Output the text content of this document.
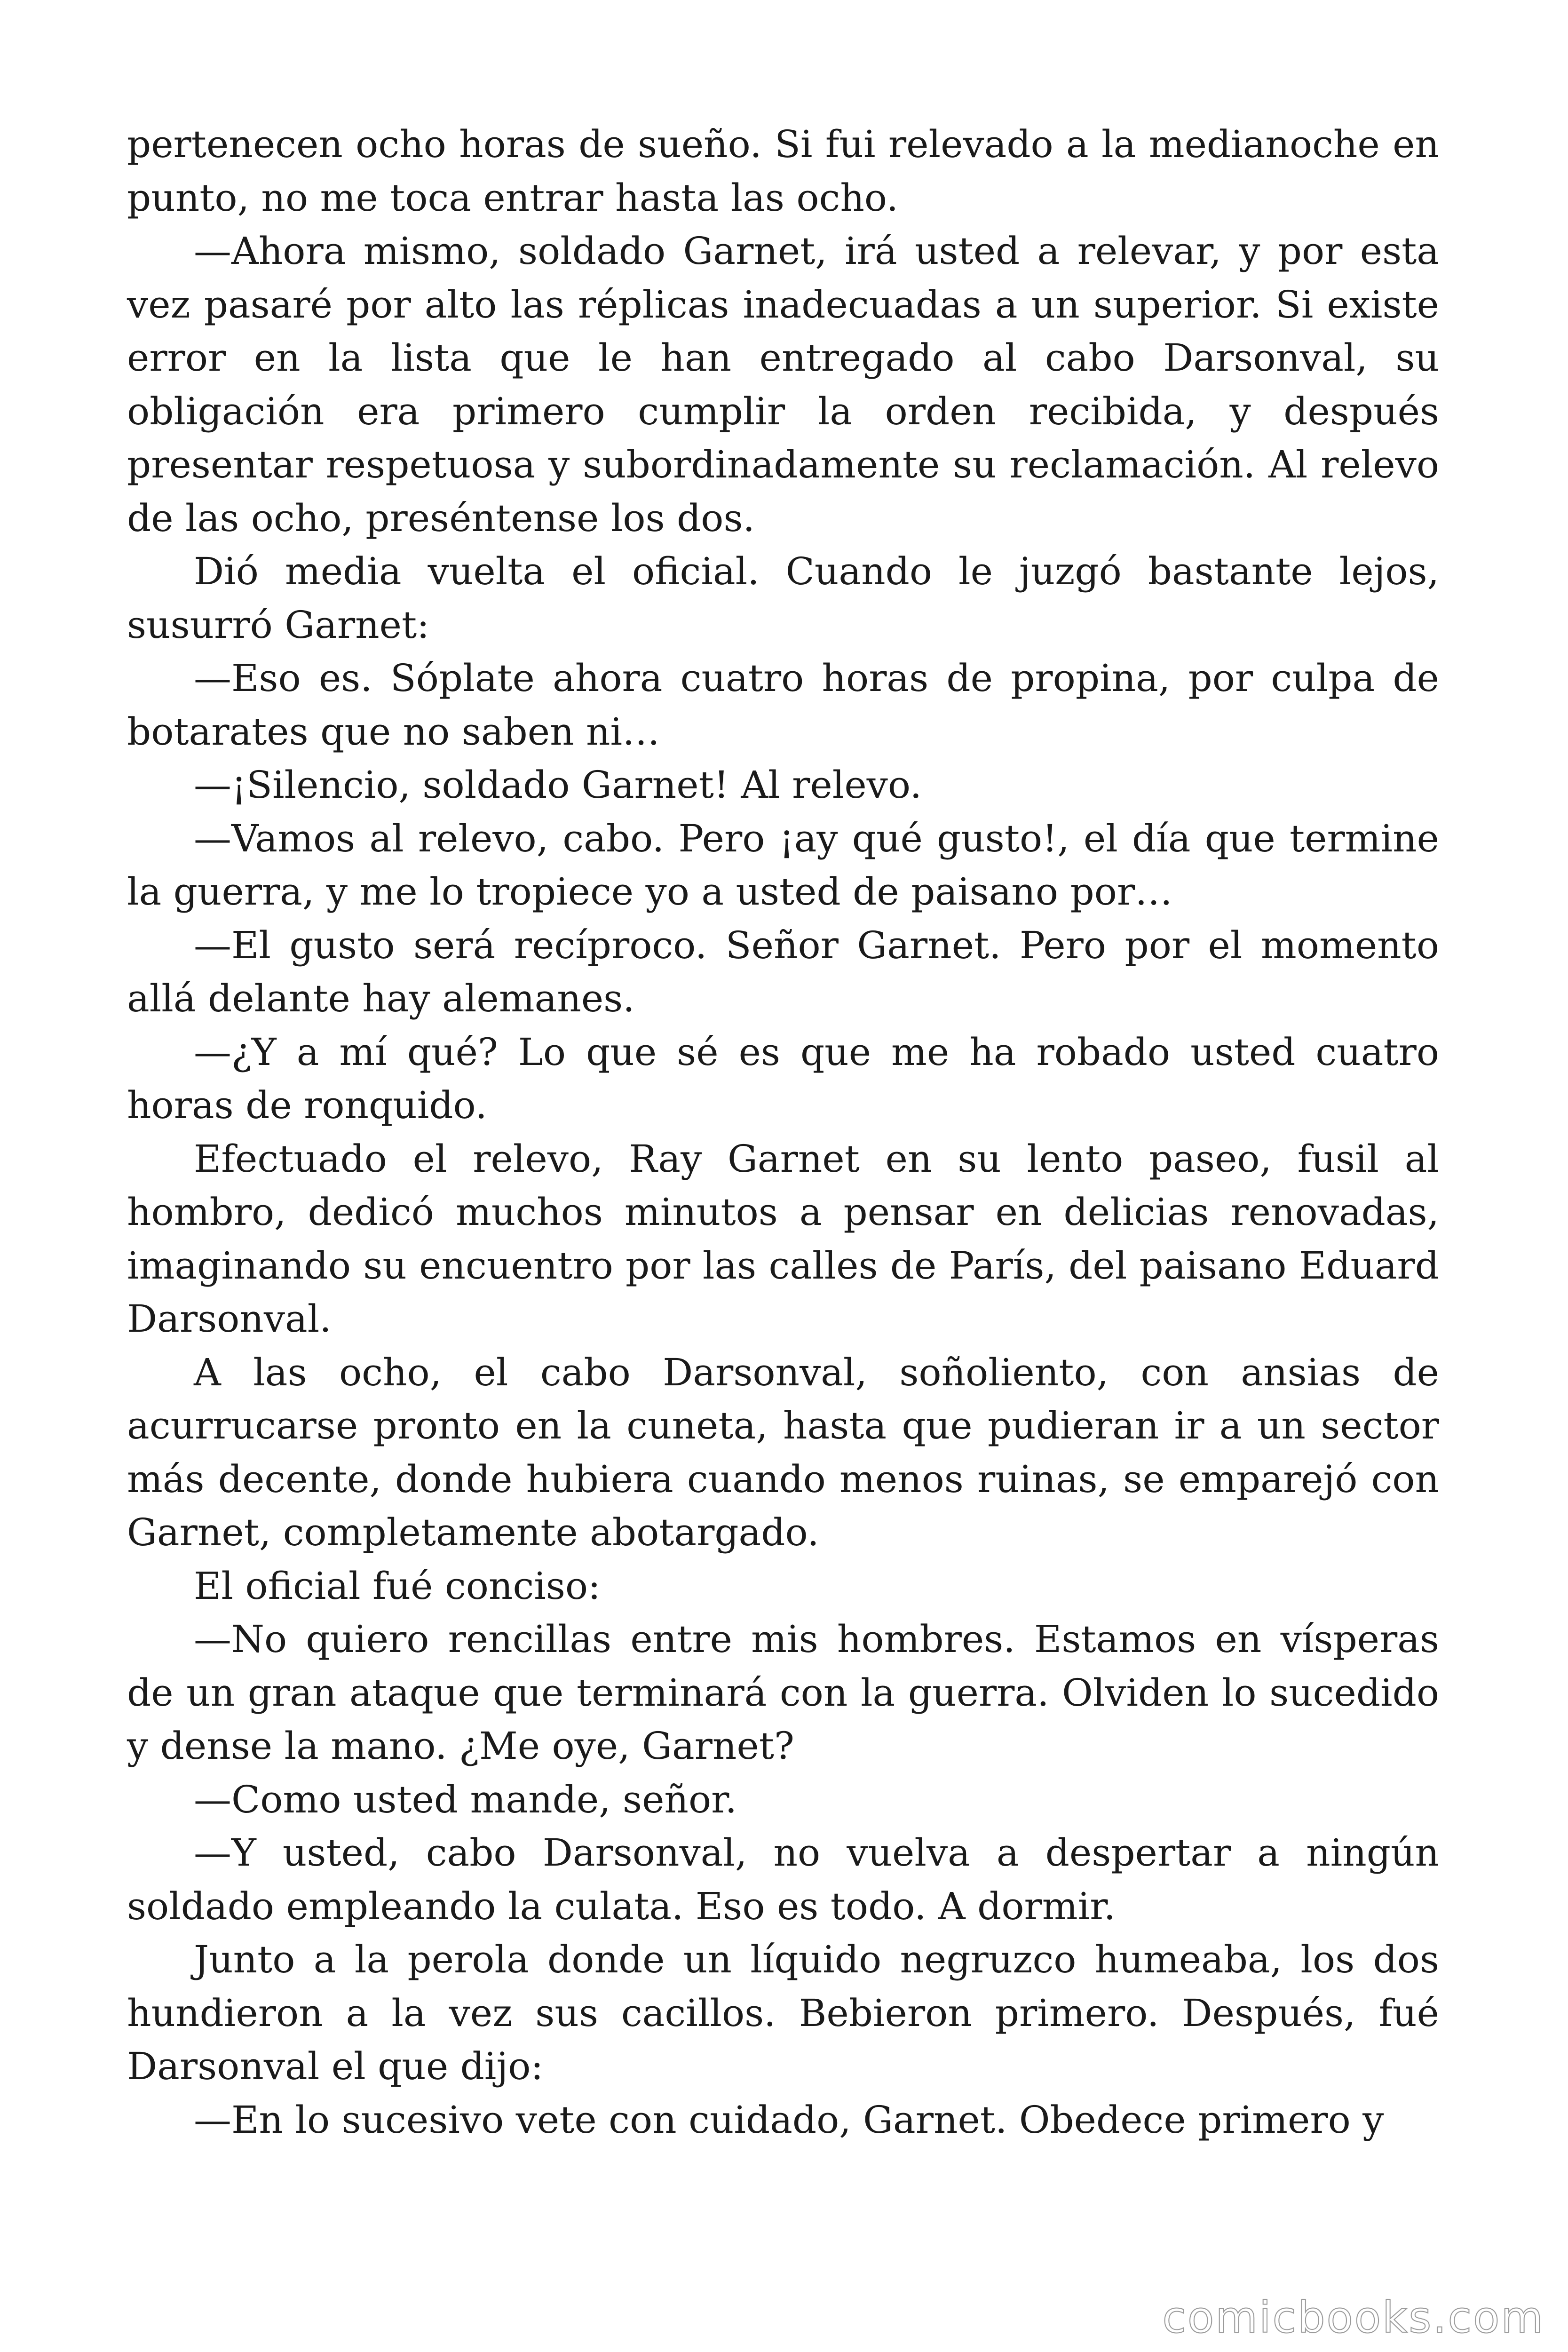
pertenecen ocho horas de sueño. Si fui relevado a la medianoche en punto, no me toca entrar hasta las ocho.

—Ahora mismo, soldado Garnet, irá usted a relevar, y por esta vez pasaré por alto las réplicas inadecuadas a un superior. Si existe error en la lista que le han entregado al cabo Darsonval, su obligación era primero cumplir la orden recibida, y después presentar respetuosa y subordinadamente su reclamación. Al relevo de las ocho, preséntense los dos.

Dió media vuelta el oficial. Cuando le juzgó bastante lejos, susurró Garnet:

—Eso es. Sóplate ahora cuatro horas de propina, por culpa de botarates que no saben ni…

—¡Silencio, soldado Garnet! Al relevo.

—Vamos al relevo, cabo. Pero ¡ay qué gusto!, el día que termine la guerra, y me lo tropiece yo a usted de paisano por…

—El gusto será recíproco. Señor Garnet. Pero por el momento allá delante hay alemanes.

—¿Y a mí qué? Lo que sé es que me ha robado usted cuatro horas de ronquido.

Efectuado el relevo, Ray Garnet en su lento paseo, fusil al hombro, dedicó muchos minutos a pensar en delicias renovadas, imaginando su encuentro por las calles de París, del paisano Eduard Darsonval.

A las ocho, el cabo Darsonval, soñoliento, con ansias de acurrucarse pronto en la cuneta, hasta que pudieran ir a un sector más decente, donde hubiera cuando menos ruinas, se emparejó con Garnet, completamente abotargado.

El oficial fué conciso:

—No quiero rencillas entre mis hombres. Estamos en vísperas de un gran ataque que terminará con la guerra. Olviden lo sucedido y dense la mano. ¿Me oye, Garnet?

—Como usted mande, señor.

—Y usted, cabo Darsonval, no vuelva a despertar a ningún soldado empleando la culata. Eso es todo. A dormir.

Junto a la perola donde un líquido negruzco humeaba, los dos hundieron a la vez sus cacillos. Bebieron primero. Después, fué Darsonval el que dijo:

—En lo sucesivo vete con cuidado, Garnet. Obedece primero y

comicbooks.com
